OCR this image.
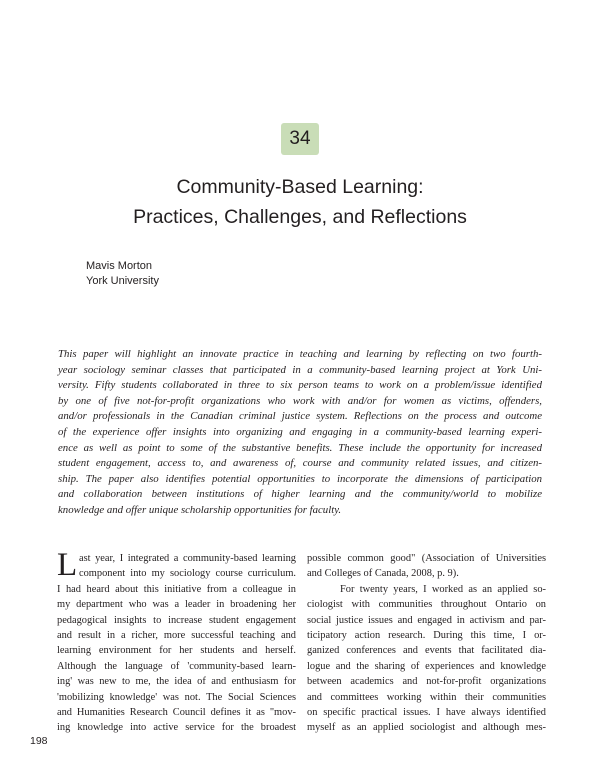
34
Community-Based Learning:
Practices, Challenges, and Reflections
Mavis Morton
York University
This paper will highlight an innovate practice in teaching and learning by reflecting on two fourth-
year sociology seminar classes that participated in a community-based learning project at York Uni-
versity. Fifty students collaborated in three to six person teams to work on a problem/issue identified
by one of five not-for-profit organizations who work with and/or for women as victims, offenders,
and/or professionals in the Canadian criminal justice system. Reflections on the process and outcome
of the experience offer insights into organizing and engaging in a community-based learning experi-
ence as well as point to some of the substantive benefits. These include the opportunity for increased
student engagement, access to, and awareness of, course and community related issues, and citizen-
ship. The paper also identifies potential opportunities to incorporate the dimensions of participation
and collaboration between institutions of higher learning and the community/world to mobilize
knowledge and offer unique scholarship opportunities for faculty.
L ast year, I integrated a community-based learning
component into my sociology course curriculum.
I had heard about this initiative from a colleague in
my department who was a leader in broadening her
pedagogical insights to increase student engagement
and result in a richer, more successful teaching and
learning environment for her students and herself.
Although the language of 'community-based learn-
ing' was new to me, the idea of and enthusiasm for
'mobilizing knowledge' was not. The Social Sciences
and Humanities Research Council defines it as "mov-
ing knowledge into active service for the broadest
possible common good" (Association of Universities
and Colleges of Canada, 2008, p. 9).
For twenty years, I worked as an applied so-
ciologist with communities throughout Ontario on
social justice issues and engaged in activism and par-
ticipatory action research. During this time, I or-
ganized conferences and events that facilitated dia-
logue and the sharing of experiences and knowledge
between academics and not-for-profit organizations
and committees working within their communities
on specific practical issues. I have always identified
myself as an applied sociologist and although mes-
198
